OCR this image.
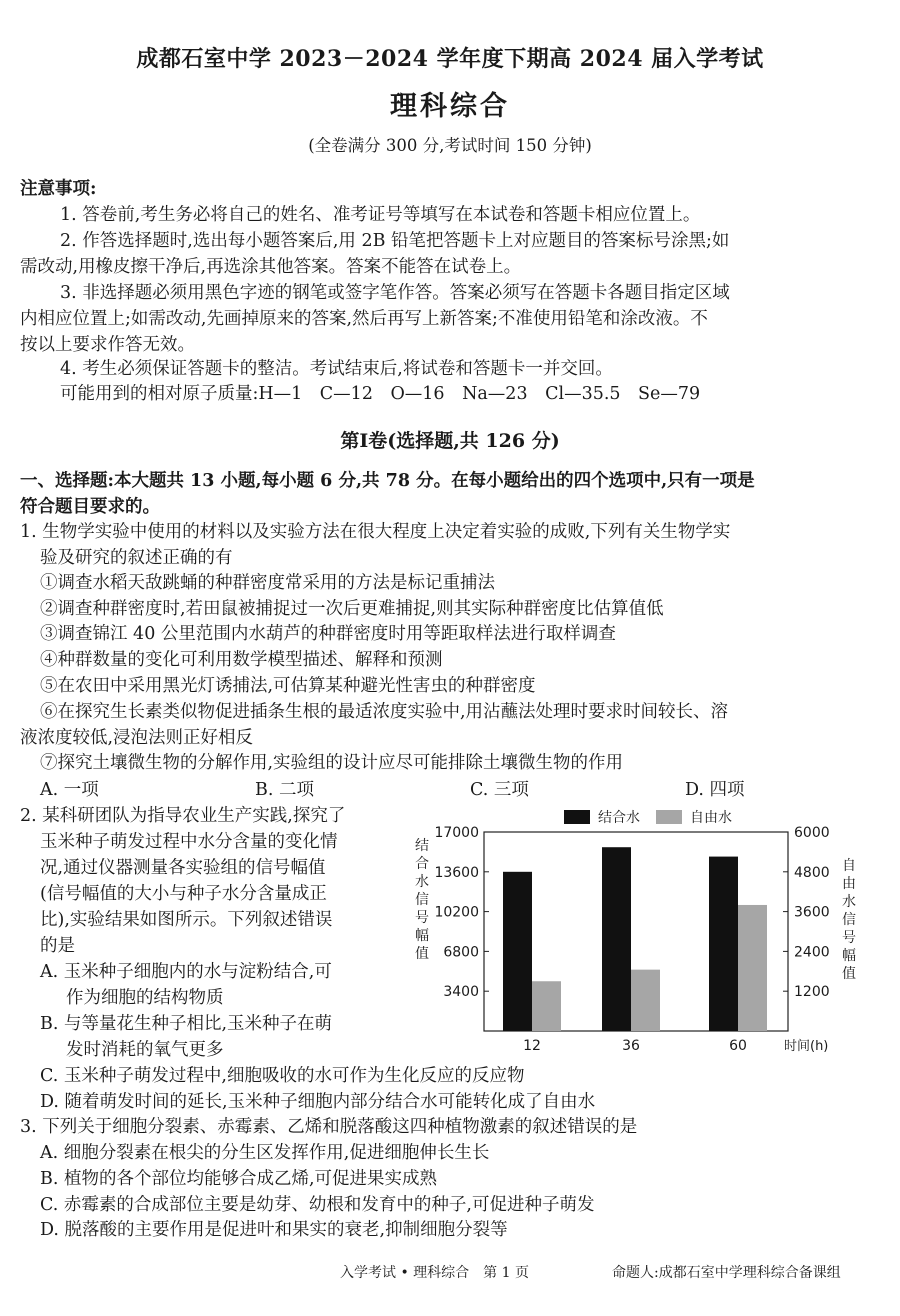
成都石室中学 2023－2024 学年度下期高 2024 届入学考试
理科综合
(全卷满分 300 分,考试时间 150 分钟)
注意事项:
1. 答卷前,考生务必将自己的姓名、准考证号等填写在本试卷和答题卡相应位置上。
2. 作答选择题时,选出每小题答案后,用 2B 铅笔把答题卡上对应题目的答案标号涂黑;如
需改动,用橡皮擦干净后,再选涂其他答案。答案不能答在试卷上。
3. 非选择题必须用黑色字迹的钢笔或签字笔作答。答案必须写在答题卡各题目指定区域
内相应位置上;如需改动,先画掉原来的答案,然后再写上新答案;不准使用铅笔和涂改液。不
按以上要求作答无效。
4. 考生必须保证答题卡的整洁。考试结束后,将试卷和答题卡一并交回。
可能用到的相对原子质量:H—1　C—12　O—16　Na—23　Cl—35.5　Se—79
第Ⅰ卷(选择题,共 126 分)
一、选择题:本大题共 13 小题,每小题 6 分,共 78 分。在每小题给出的四个选项中,只有一项是
符合题目要求的。
1. 生物学实验中使用的材料以及实验方法在很大程度上决定着实验的成败,下列有关生物学实
验及研究的叙述正确的有
①调查水稻天敌跳蛹的种群密度常采用的方法是标记重捕法
②调查种群密度时,若田鼠被捕捉过一次后更难捕捉,则其实际种群密度比估算值低
③调查锦江 40 公里范围内水葫芦的种群密度时用等距取样法进行取样调查
④种群数量的变化可利用数学模型描述、解释和预测
⑤在农田中采用黑光灯诱捕法,可估算某种避光性害虫的种群密度
⑥在探究生长素类似物促进插条生根的最适浓度实验中,用沾蘸法处理时要求时间较长、溶
液浓度较低,浸泡法则正好相反
⑦探究土壤微生物的分解作用,实验组的设计应尽可能排除土壤微生物的作用
A. 一项	B. 二项	C. 三项	D. 四项
2. 某科研团队为指导农业生产实践,探究了
玉米种子萌发过程中水分含量的变化情
况,通过仪器测量各实验组的信号幅值
(信号幅值的大小与种子水分含量成正
比),实验结果如图所示。下列叙述错误
的是
A. 玉米种子细胞内的水与淀粉结合,可
作为细胞的结构物质
B. 与等量花生种子相比,玉米种子在萌
发时消耗的氧气更多
C. 玉米种子萌发过程中,细胞吸收的水可作为生化反应的反应物
D. 随着萌发时间的延长,玉米种子细胞内部分结合水可能转化成了自由水
结合水	自由水
3400
6800
10200
13600
17000
1200
2400
3600
4800
6000
12	36	60	时间(h)
结
合
水
信
号
幅
值
自
由
水
信
号
幅
值
3. 下列关于细胞分裂素、赤霉素、乙烯和脱落酸这四种植物激素的叙述错误的是
A. 细胞分裂素在根尖的分生区发挥作用,促进细胞伸长生长
B. 植物的各个部位均能够合成乙烯,可促进果实成熟
C. 赤霉素的合成部位主要是幼芽、幼根和发育中的种子,可促进种子萌发
D. 脱落酸的主要作用是促进叶和果实的衰老,抑制细胞分裂等
入学考试 • 理科综合　第 1 页	命题人:成都石室中学理科综合备课组
